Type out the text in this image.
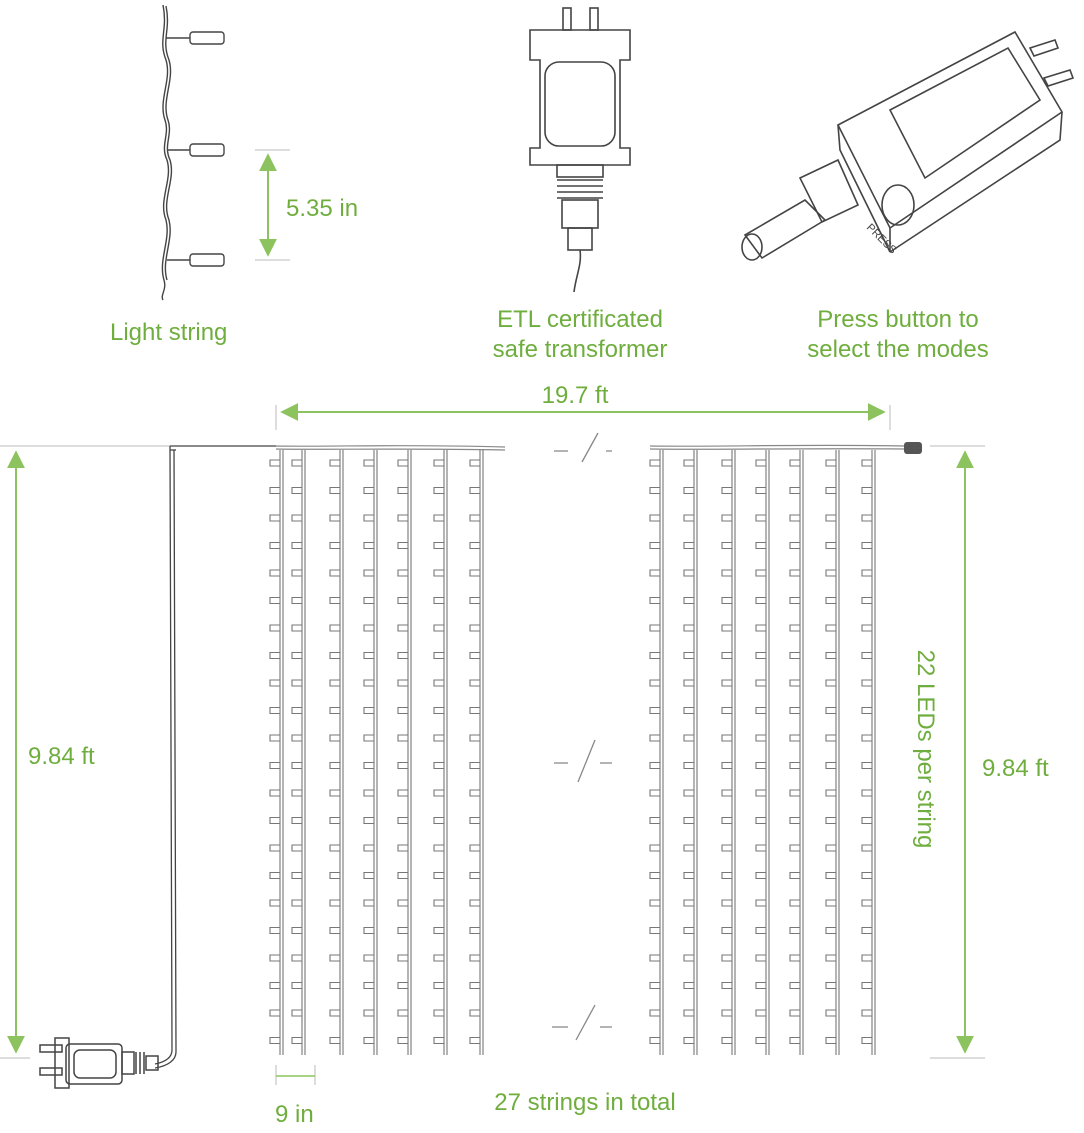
PRESS
Light string
5.35 in
ETL certificated
safe transformer
Press button to
select the modes
19.7 ft
9.84 ft	9.84 ft
22 LEDs per string
9 in	27 strings in total
